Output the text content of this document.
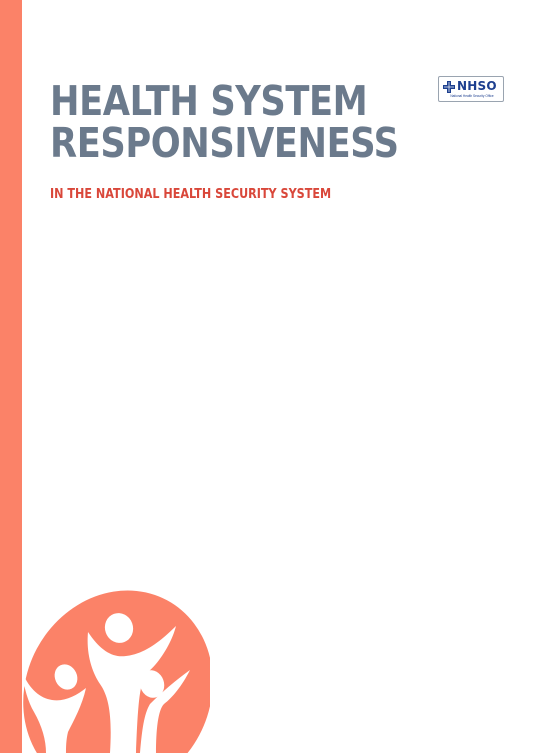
HEALTH SYSTEM
RESPONSIVENESS
IN THE NATIONAL HEALTH SECURITY SYSTEM
NHSO
National Health Security Office
